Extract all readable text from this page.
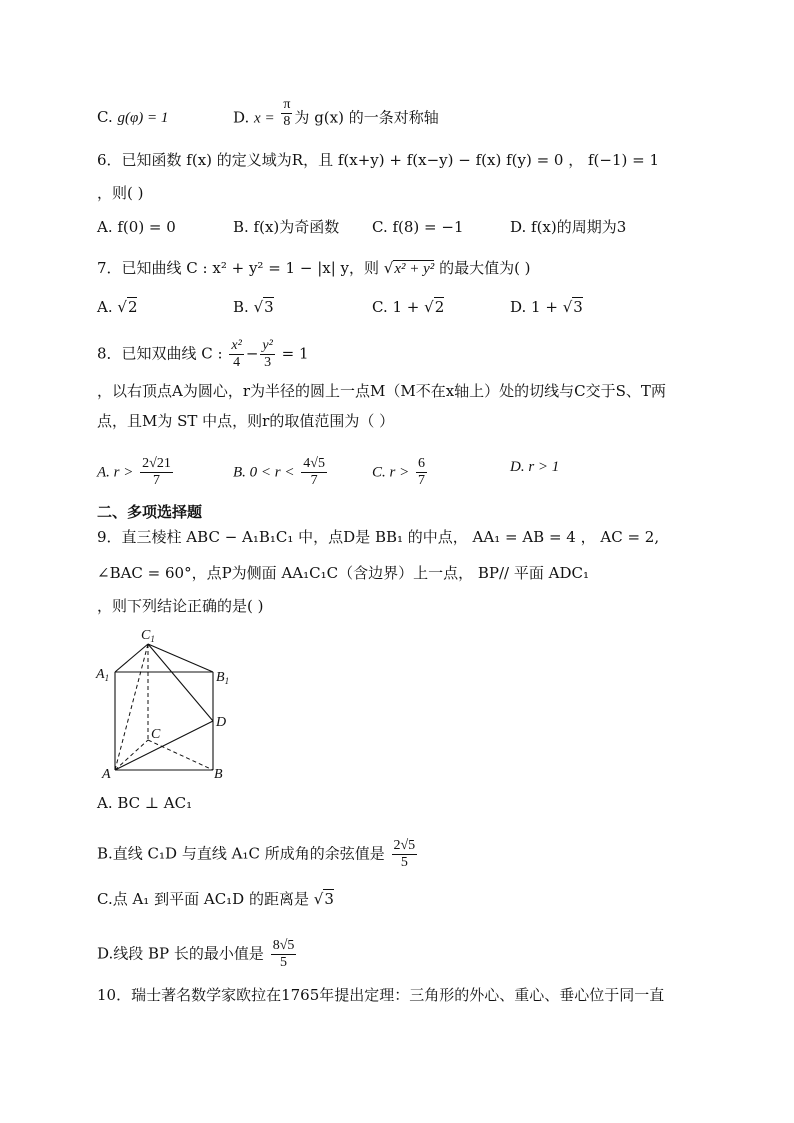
C. g(φ) = 1	D. $x = \frac{\pi}{8}$ 为 g(x) 的一条对称轴
6．已知函数 f(x) 的定义域为R，且 f(x+y) + f(x−y) − f(x) f(y) = 0 ， f(−1) = 1
，则( )
A. f(0) = 0	B. f(x)为奇函数 C. f(8) = −1	D. f(x)的周期为3
7．已知曲线 C : x² + y² = 1 − |x| y，则 √x² + y² 的最大值为( )
A. √2	B. √3	C. 1 + √2	D. 1 + √3
8．已知双曲线 C : $\frac{\text{x²}}{4} - \frac{\text{y²}}{3} = 1$
，以右顶点A为圆心，r为半径的圆上一点M（M不在x轴上）处的切线与C交于S、T两
点，且M为 ST 中点，则r的取值范围为（ ）
A. $r > \frac{2√21}{7}$	B. $0 < r < \frac{4√5}{7}$	C. $r > \frac{6}{7}$	D. r > 1
二、多项选择题
9．直三棱柱 ABC − A₁B₁C₁ 中，点D是 BB₁ 的中点， AA₁ = AB = 4 ， AC = 2,
∠BAC = 60°，点P为侧面 AA₁C₁C（含边界）上一点， BP// 平面 ADC₁
，则下列结论正确的是( )
$C_1$
$A_1$	$B_1$
D
C
A	B
A. BC ⊥ AC₁
B.直线 C₁D 与直线 A₁C 所成角的余弦值是 $\frac{2√5}{5}$
C.点 A₁ 到平面 AC₁D 的距离是 √3
D.线段 BP 长的最小值是 $\frac{8√5}{5}$
10．瑞士著名数学家欧拉在1765年提出定理：三角形的外心、重心、垂心位于同一直
